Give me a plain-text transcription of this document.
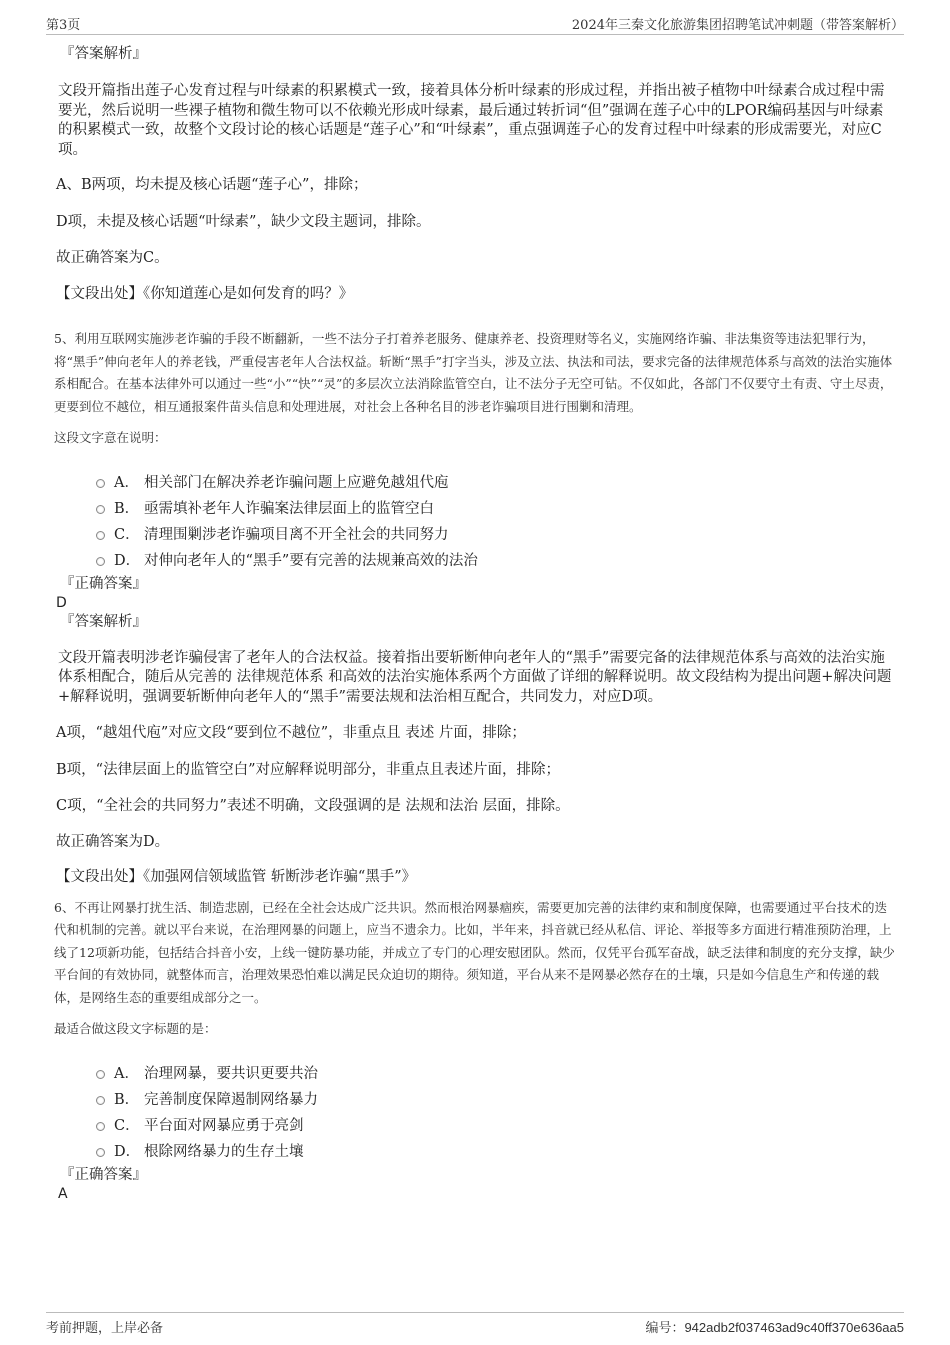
第3页	2024年三秦文化旅游集团招聘笔试冲刺题（带答案解析）
『答案解析』

文段开篇指出莲子心发育过程与叶绿素的积累模式一致，接着具体分析叶绿素的形成过程，并指出被子植物中叶绿素合成过程中需要光，然后说明一些裸子植物和微生物可以不依赖光形成叶绿素，最后通过转折词“但”强调在莲子心中的LPOR编码基因与叶绿素的积累模式一致，故整个文段讨论的核心话题是“莲子心”和“叶绿素”，重点强调莲子心的发育过程中叶绿素的形成需要光，对应C项。

A、B两项，均未提及核心话题“莲子心”，排除；

D项，未提及核心话题“叶绿素”，缺少文段主题词，排除。

故正确答案为C。

【文段出处】《你知道莲心是如何发育的吗？》

5、利用互联网实施涉老诈骗的手段不断翻新，一些不法分子打着养老服务、健康养老、投资理财等名义，实施网络诈骗、非法集资等违法犯罪行为，将“黑手”伸向老年人的养老钱，严重侵害老年人合法权益。斩断“黑手”打字当头，涉及立法、执法和司法，要求完备的法律规范体系与高效的法治实施体系相配合。在基本法律外可以通过一些“小”“快”“灵”的多层次立法消除监管空白，让不法分子无空可钻。不仅如此，各部门不仅要守土有责、守土尽责，更要到位不越位，相互通报案件苗头信息和处理进展，对社会上各种名目的涉老诈骗项目进行围剿和清理。

这段文字意在说明：

A． 相关部门在解决养老诈骗问题上应避免越俎代庖
B． 亟需填补老年人诈骗案法律层面上的监管空白
C． 清理围剿涉老诈骗项目离不开全社会的共同努力
D． 对伸向老年人的“黑手”要有完善的法规兼高效的法治
『正确答案』
D
『答案解析』

文段开篇表明涉老诈骗侵害了老年人的合法权益。接着指出要斩断伸向老年人的“黑手”需要完备的法律规范体系与高效的法治实施体系相配合，随后从完善的 法律规范体系 和高效的法治实施体系两个方面做了详细的解释说明。故文段结构为提出问题+解决问题+解释说明，强调要斩断伸向老年人的“黑手”需要法规和法治相互配合，共同发力，对应D项。

A项，“越俎代庖”对应文段“要到位不越位”，非重点且 表述 片面，排除；

B项，“法律层面上的监管空白”对应解释说明部分，非重点且表述片面，排除；

C项，“全社会的共同努力”表述不明确，文段强调的是 法规和法治 层面，排除。

故正确答案为D。

【文段出处】《加强网信领域监管 斩断涉老诈骗“黑手”》

6、不再让网暴打扰生活、制造悲剧，已经在全社会达成广泛共识。然而根治网暴痼疾，需要更加完善的法律约束和制度保障，也需要通过平台技术的迭代和机制的完善。就以平台来说，在治理网暴的问题上，应当不遗余力。比如，半年来，抖音就已经从私信、评论、举报等多方面进行精准预防治理，上线了12项新功能，包括结合抖音小安，上线一键防暴功能，并成立了专门的心理安慰团队。然而，仅凭平台孤军奋战，缺乏法律和制度的充分支撑，缺少平台间的有效协同，就整体而言，治理效果恐怕难以满足民众迫切的期待。须知道，平台从来不是网暴必然存在的土壤，只是如今信息生产和传递的载体，是网络生态的重要组成部分之一。

最适合做这段文字标题的是：

A． 治理网暴，要共识更要共治
B． 完善制度保障遏制网络暴力
C． 平台面对网暴应勇于亮剑
D． 根除网络暴力的生存土壤
『正确答案』
A
考前押题，上岸必备	编号：942adb2f037463ad9c40ff370e636aa5
